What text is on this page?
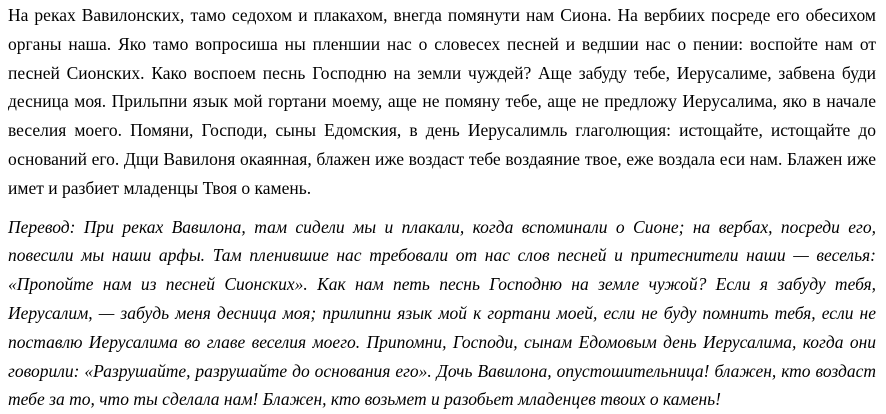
На реках Вавилонских, тамо седохом и плакахом, внегда помянути нам Сиона. На вербиих посреде его обесихом органы наша. Яко тамо вопросиша ны пленшии нас о словесех песней и ведшии нас о пении: воспойте нам от песней Сионских. Како воспоем песнь Господню на земли чуждей? Аще забуду тебе, Иерусалиме, забвена буди десница моя. Прильпни язык мой гортани моему, аще не помяну тебе, аще не предложу Иерусалима, яко в начале веселия моего. Помяни, Господи, сыны Едомския, в день Иерусалимль глаголющия: истощайте, истощайте до оснований его. Дщи Вавилоня окаянная, блажен иже воздаст тебе воздаяние твое, еже воздала еси нам. Блажен иже имет и разбиет младенцы Твоя о камень.

Перевод: При реках Вавилона, там сидели мы и плакали, когда вспоминали о Сионе; на вербах, посреди его, повесили мы наши арфы. Там пленившие нас требовали от нас слов песней и притеснители наши — веселья: «Пропойте нам из песней Сионских». Как нам петь песнь Господню на земле чужой? Если я забуду тебя, Иерусалим, — забудь меня десница моя; прилипни язык мой к гортани моей, если не буду помнить тебя, если не поставлю Иерусалима во главе веселия моего. Припомни, Господи, сынам Едомовым день Иерусалима, когда они говорили: «Разрушайте, разрушайте до основания его». Дочь Вавилона, опустошительница! блажен, кто воздаст тебе за то, что ты сделала нам! Блажен, кто возьмет и разобьет младенцев твоих о камень!
